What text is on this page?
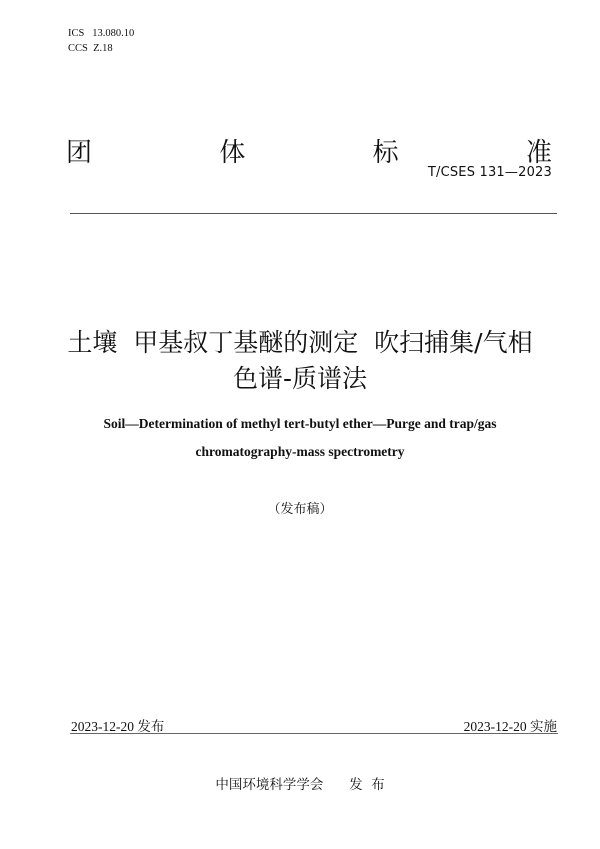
ICS 13.080.10
CCS Z.18
团	体	标	准
T/CSES 131—2023
土壤  甲基叔丁基醚的测定  吹扫捕集/气相
色谱-质谱法
Soil—Determination of methyl tert-butyl ether—Purge and trap/gas
chromatography-mass spectrometry
（发布稿）
2023-12-20 发布	2023-12-20 实施
中国环境科学学会 发  布
